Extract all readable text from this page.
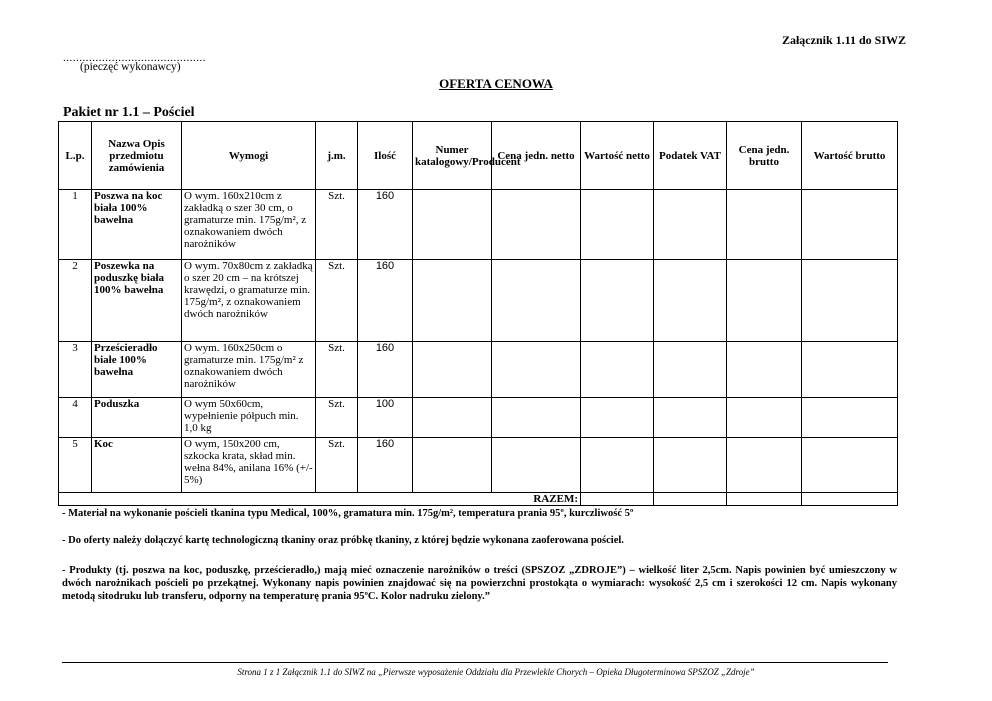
Załącznik 1.11 do SIWZ
............................................
(pieczęć wykonawcy)
OFERTA CENOWA
Pakiet nr 1.1 – Pościel
L.p.	Nazwa Opis przedmiotu zamówienia	Wymogi	j.m.	Ilość	Numer katalogowy/Producent	Cena jedn. netto	Wartość netto	Podatek VAT	Cena jedn. brutto	Wartość brutto
1	Poszwa na koc biała 100% bawełna	O wym. 160x210cm z zakładką o szer 30 cm, o gramaturze min. 175g/m², z oznakowaniem dwóch narożników	Szt.	160						
2	Poszewka na poduszkę biała 100% bawełna	O wym. 70x80cm z zakładką o szer 20 cm – na krótszej krawędzi, o gramaturze min. 175g/m², z oznakowaniem dwóch narożników	Szt.	160						
3	Prześcieradło białe 100% bawełna	O wym. 160x250cm o gramaturze min. 175g/m² z oznakowaniem dwóch narożników	Szt.	160						
4	Poduszka	O wym 50x60cm, wypełnienie półpuch min. 1,0 kg	Szt.	100						
5	Koc	O wym, 150x200 cm, szkocka krata, skład min. wełna 84%, anilana 16% (+/- 5%)	Szt.	160						
RAZEM:										
- Materiał na wykonanie pościeli tkanina typu Medical, 100%, gramatura min. 175g/m², temperatura prania 95º, kurczliwość 5º
- Do oferty należy dołączyć kartę technologiczną tkaniny oraz próbkę tkaniny, z której będzie wykonana zaoferowana pościel.
- Produkty (tj. poszwa na koc, poduszkę, prześcieradło,) mają mieć oznaczenie narożników o treści (SPSZOZ „ZDROJE”) – wielkość liter 2,5cm. Napis powinien być umieszczony w dwóch narożnikach pościeli po przekątnej. Wykonany napis powinien znajdować się na powierzchni prostokąta o wymiarach: wysokość 2,5 cm i szerokości 12 cm. Napis wykonany metodą sitodruku lub transferu, odporny na temperaturę prania 95ºC. Kolor nadruku zielony.”
Strona 1 z 1 Załącznik 1.1 do SIWZ na „Pierwsze wyposażenie Oddziału dla Przewlekle Chorych – Opieka Długoterminowa SPSZOZ „Zdroje”
